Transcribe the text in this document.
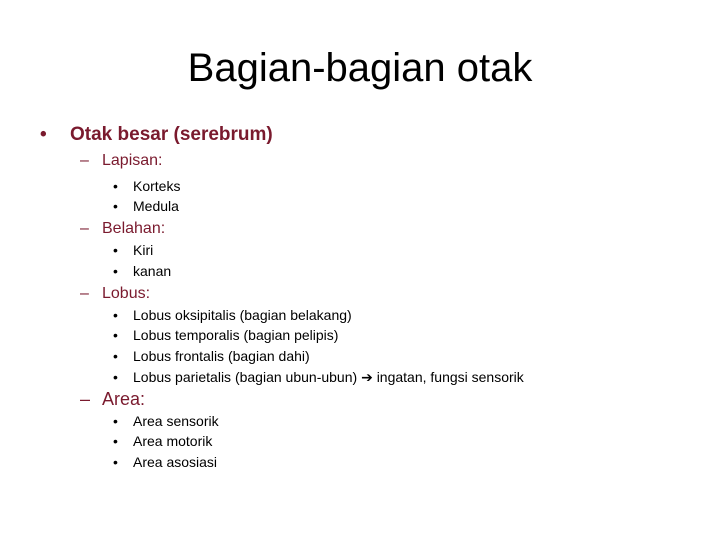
Bagian-bagian otak
• Otak besar (serebrum)
– Lapisan:
• Korteks
• Medula
– Belahan:
• Kiri
• kanan
– Lobus:
• Lobus oksipitalis (bagian belakang)
• Lobus temporalis (bagian pelipis)
• Lobus frontalis (bagian dahi)
• Lobus parietalis (bagian ubun-ubun) ➔ ingatan, fungsi sensorik
– Area:
• Area sensorik
• Area motorik
• Area asosiasi
